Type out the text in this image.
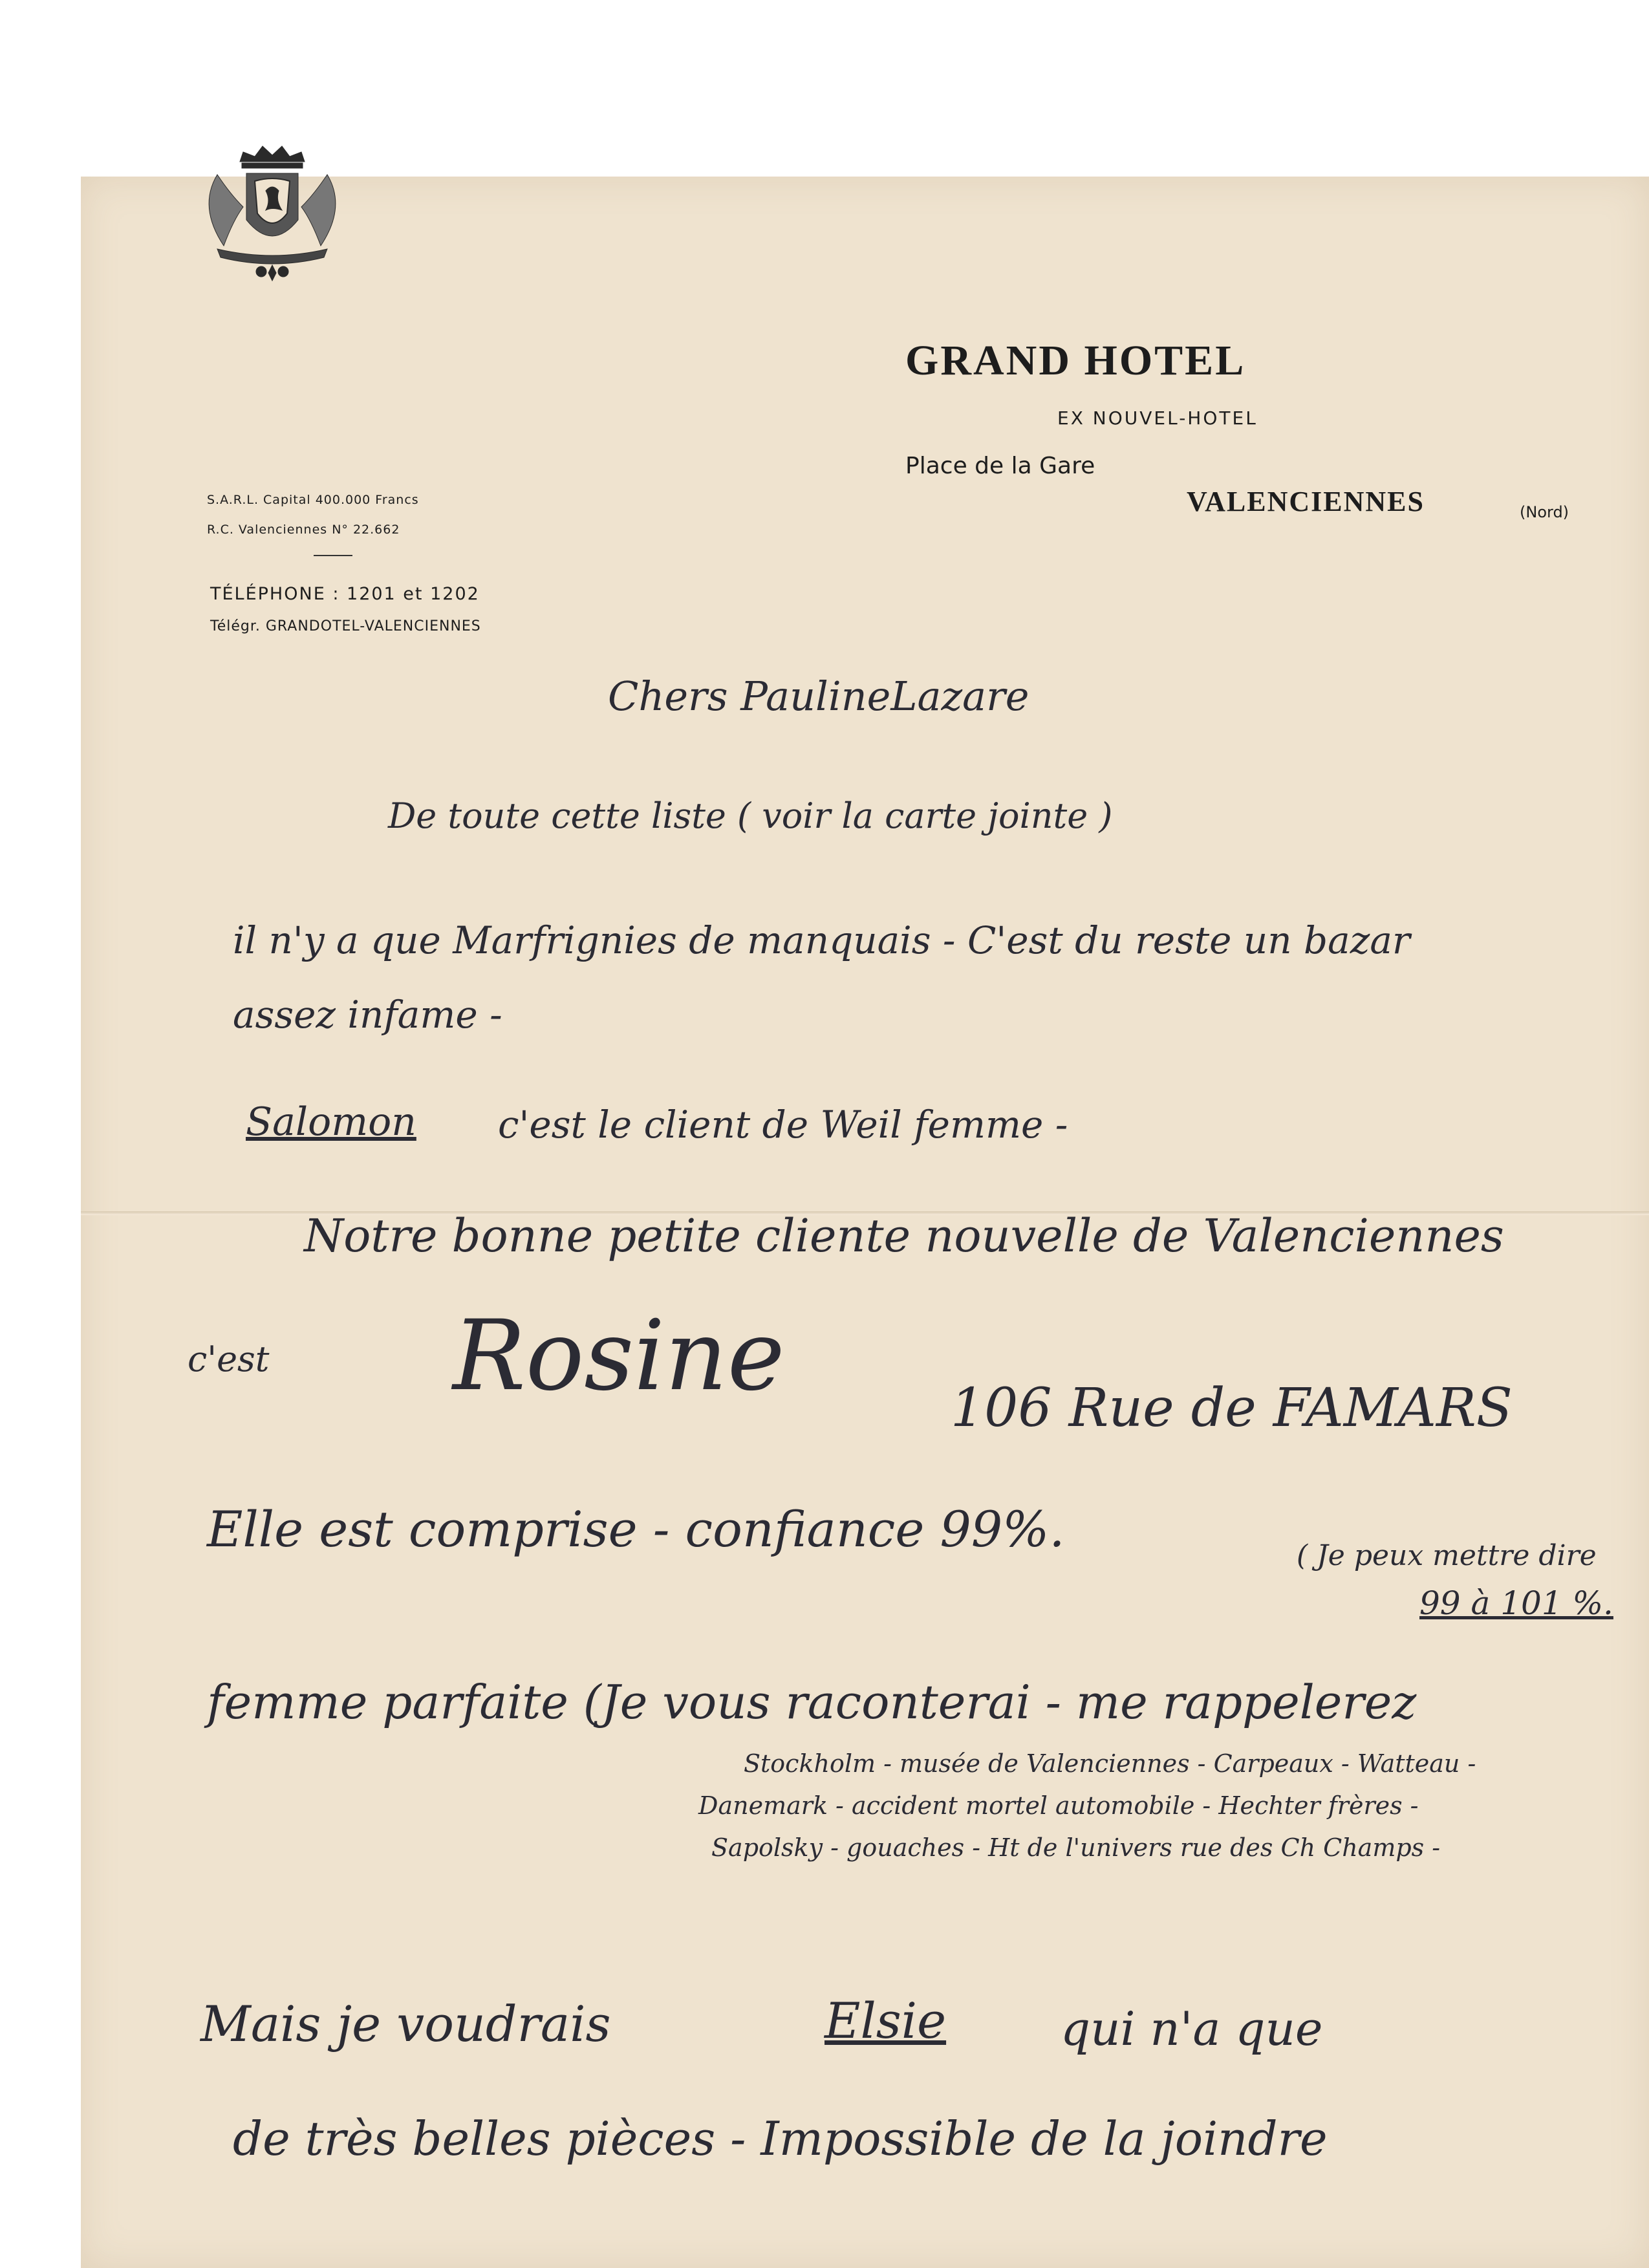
GRAND HOTEL
EX NOUVEL-HOTEL
Place de la Gare
VALENCIENNES	(Nord)
S.A.R.L. Capital 400.000 Francs
R.C. Valenciennes N° 22.662
TÉLÉPHONE : 1201 et 1202
Télégr. GRANDOTEL-VALENCIENNES
Chers PaulineLazare
De toute cette liste ( voir la carte jointe )
il n'y a que Marfrignies de manquais - C'est du reste un bazar
assez infame -
Salomon c'est le client de Weil femme -
Notre bonne petite cliente nouvelle de Valenciennes
c'est Rosine	106 Rue de FAMARS
Elle est comprise - confiance 99%.	( Je peux mettre dire
99 à 101 %.
femme parfaite (Je vous raconterai - me rappelerez
Stockholm - musée de Valenciennes - Carpeaux - Watteau -
Danemark - accident mortel automobile - Hechter frères -
Sapolsky - gouaches - Ht de l'univers rue des Ch Champs -
Mais je voudrais	Elsie qui n'a que
de très belles pièces - Impossible de la joindre
